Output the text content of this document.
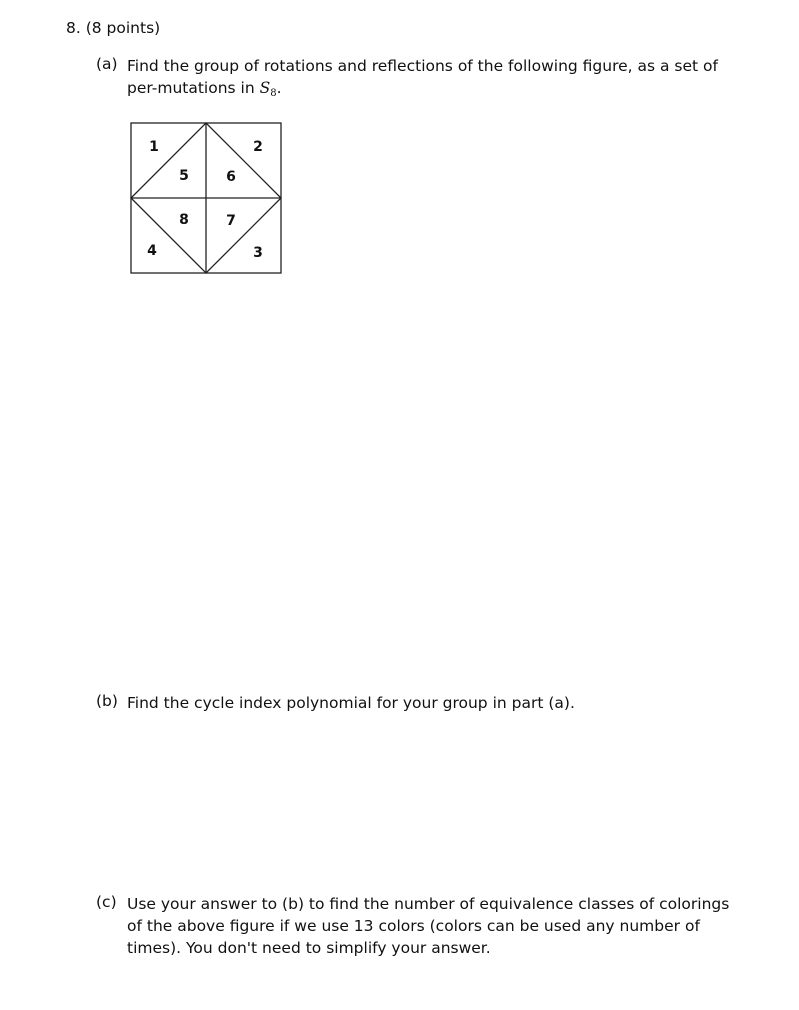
8. (8 points)
(a) Find the group of rotations and reflections of the following figure, as a set of per-mutations in S8.
1	2
3
4
5	6
7
8
(b) Find the cycle index polynomial for your group in part (a).
(c) Use your answer to (b) to find the number of equivalence classes of colorings of the above figure if we use 13 colors (colors can be used any number of times). You don't need to simplify your answer.
